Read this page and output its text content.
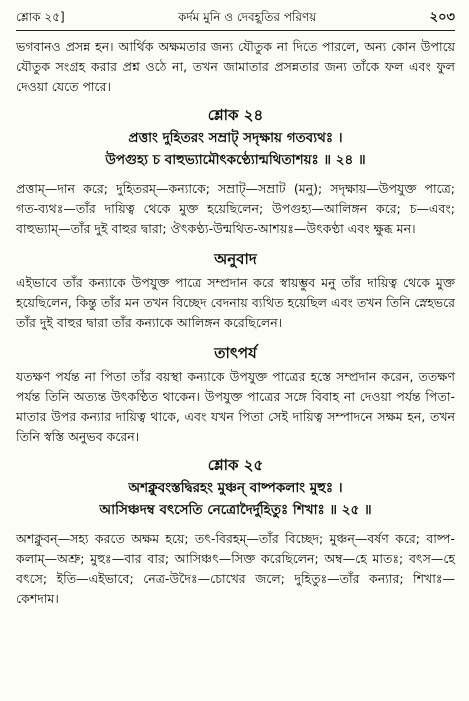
শ্লোক ২৫]	কর্দম মুনি ও দেবহূতির পরিণয়	২০৩

ভগবানও প্রসন্ন হন। আর্থিক অক্ষমতার জন্য যৌতুক না দিতে পারলে, অন্য কোন উপায়ে যৌতুক সংগ্রহ করার প্রশ্ন ওঠে না, তখন জামাতার প্রসন্নতার জন্য তাঁকে ফল এবং ফুল দেওয়া যেতে পারে।

শ্লোক ২৪
প্রত্তাং দুহিতরং সম্রাট্ সদৃক্ষায় গতব্যথঃ ।
উপগুহ্য চ বাহুভ্যামৌৎকণ্ঠ্যোন্মথিতাশয়ঃ ॥ ২৪ ॥

প্রত্তাম্—দান করে; দুহিতরম্—কন্যাকে; সম্রাট্—সম্রাট (মনু); সদৃক্ষায়—উপযুক্ত পাত্রে; গত-ব্যথঃ—তাঁর দায়িত্ব থেকে মুক্ত হয়েছিলেন; উপগুহ্য—আলিঙ্গন করে; চ—এবং; বাহুভ্যাম্—তাঁর দুই বাহুর দ্বারা; ঔৎকণ্ঠ্য-উন্মথিত-আশয়ঃ—উৎকণ্ঠা এবং ক্ষুব্ধ মন।

অনুবাদ

এইভাবে তাঁর কন্যাকে উপযুক্ত পাত্রে সম্প্রদান করে স্বায়ম্ভুব মনু তাঁর দায়িত্ব থেকে মুক্ত হয়েছিলেন, কিন্তু তাঁর মন তখন বিচ্ছেদ বেদনায় ব্যথিত হয়েছিল এবং তখন তিনি স্নেহভরে তাঁর দুই বাহুর দ্বারা তাঁর কন্যাকে আলিঙ্গন করেছিলেন।

তাৎপর্য

যতক্ষণ পর্যন্ত না পিতা তাঁর বয়স্থা কন্যাকে উপযুক্ত পাত্রের হস্তে সম্প্রদান করেন, ততক্ষণ পর্যন্ত তিনি অত্যন্ত উৎকণ্ঠিত থাকেন। উপযুক্ত পাত্রের সঙ্গে বিবাহ না দেওয়া পর্যন্ত পিতা-মাতার উপর কন্যার দায়িত্ব থাকে, এবং যখন পিতা সেই দায়িত্ব সম্পাদনে সক্ষম হন, তখন তিনি স্বস্তি অনুভব করেন।

শ্লোক ২৫
অশক্নুবংস্তদ্বিরহং মুঞ্চন্ বাষ্পকলাং মুহুঃ ।
আসিঞ্চদম্ব বৎসেতি নেত্রোদৈর্দুহিতুঃ শিখাঃ ॥ ২৫ ॥

অশক্নুবন্—সহ্য করতে অক্ষম হয়ে; তৎ-বিরহম্—তাঁর বিচ্ছেদ; মুঞ্চন্—বর্ষণ করে; বাষ্প-কলাম্—অশ্রু; মুহুঃ—বার বার; আসিঞ্চৎ—সিক্ত করেছিলেন; অম্ব—হে মাতঃ; বৎস—হে বৎসে; ইতি—এইভাবে; নেত্র-উদৈঃ—চোখের জলে; দুহিতুঃ—তাঁর কন্যার; শিখাঃ—কেশদাম।
